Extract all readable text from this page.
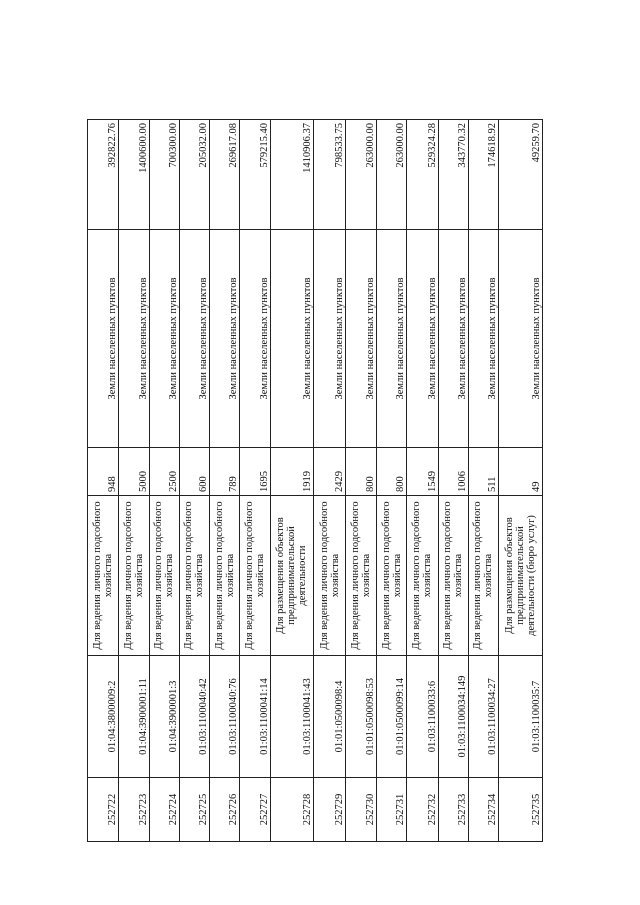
252722	01:04:3800009:2	Для ведения личного подсобного хозяйства	948	Земли населенных пунктов	392822.76
252723	01:04:3900001:11	Для ведения личного подсобного хозяйства	5000	Земли населенных пунктов	1400600.00
252724	01:04:3900001:3	Для ведения личного подсобного хозяйства	2500	Земли населенных пунктов	700300.00
252725	01:03:1100040:42	Для ведения личного подсобного хозяйства	600	Земли населенных пунктов	205032.00
252726	01:03:1100040:76	Для ведения личного подсобного хозяйства	789	Земли населенных пунктов	269617.08
252727	01:03:1100041:14	Для ведения личного подсобного хозяйства	1695	Земли населенных пунктов	579215.40
252728	01:03:1100041:43	Для размещения объектов предпринимательской деятельности	1919	Земли населенных пунктов	1410906.37
252729	01:01:0500098:4	Для ведения личного подсобного хозяйства	2429	Земли населенных пунктов	798533.75
252730	01:01:0500098:53	Для ведения личного подсобного хозяйства	800	Земли населенных пунктов	263000.00
252731	01:01:0500099:14	Для ведения личного подсобного хозяйства	800	Земли населенных пунктов	263000.00
252732	01:03:1100033:6	Для ведения личного подсобного хозяйства	1549	Земли населенных пунктов	529324.28
252733	01:03:1100034:149	Для ведения личного подсобного хозяйства	1006	Земли населенных пунктов	343770.32
252734	01:03:1100034:27	Для ведения личного подсобного хозяйства	511	Земли населенных пунктов	174618.92
252735	01:03:1100035:7	Для размещения объектов предпринимательской деятельности (бюро услуг)	49	Земли населенных пунктов	49259.70
